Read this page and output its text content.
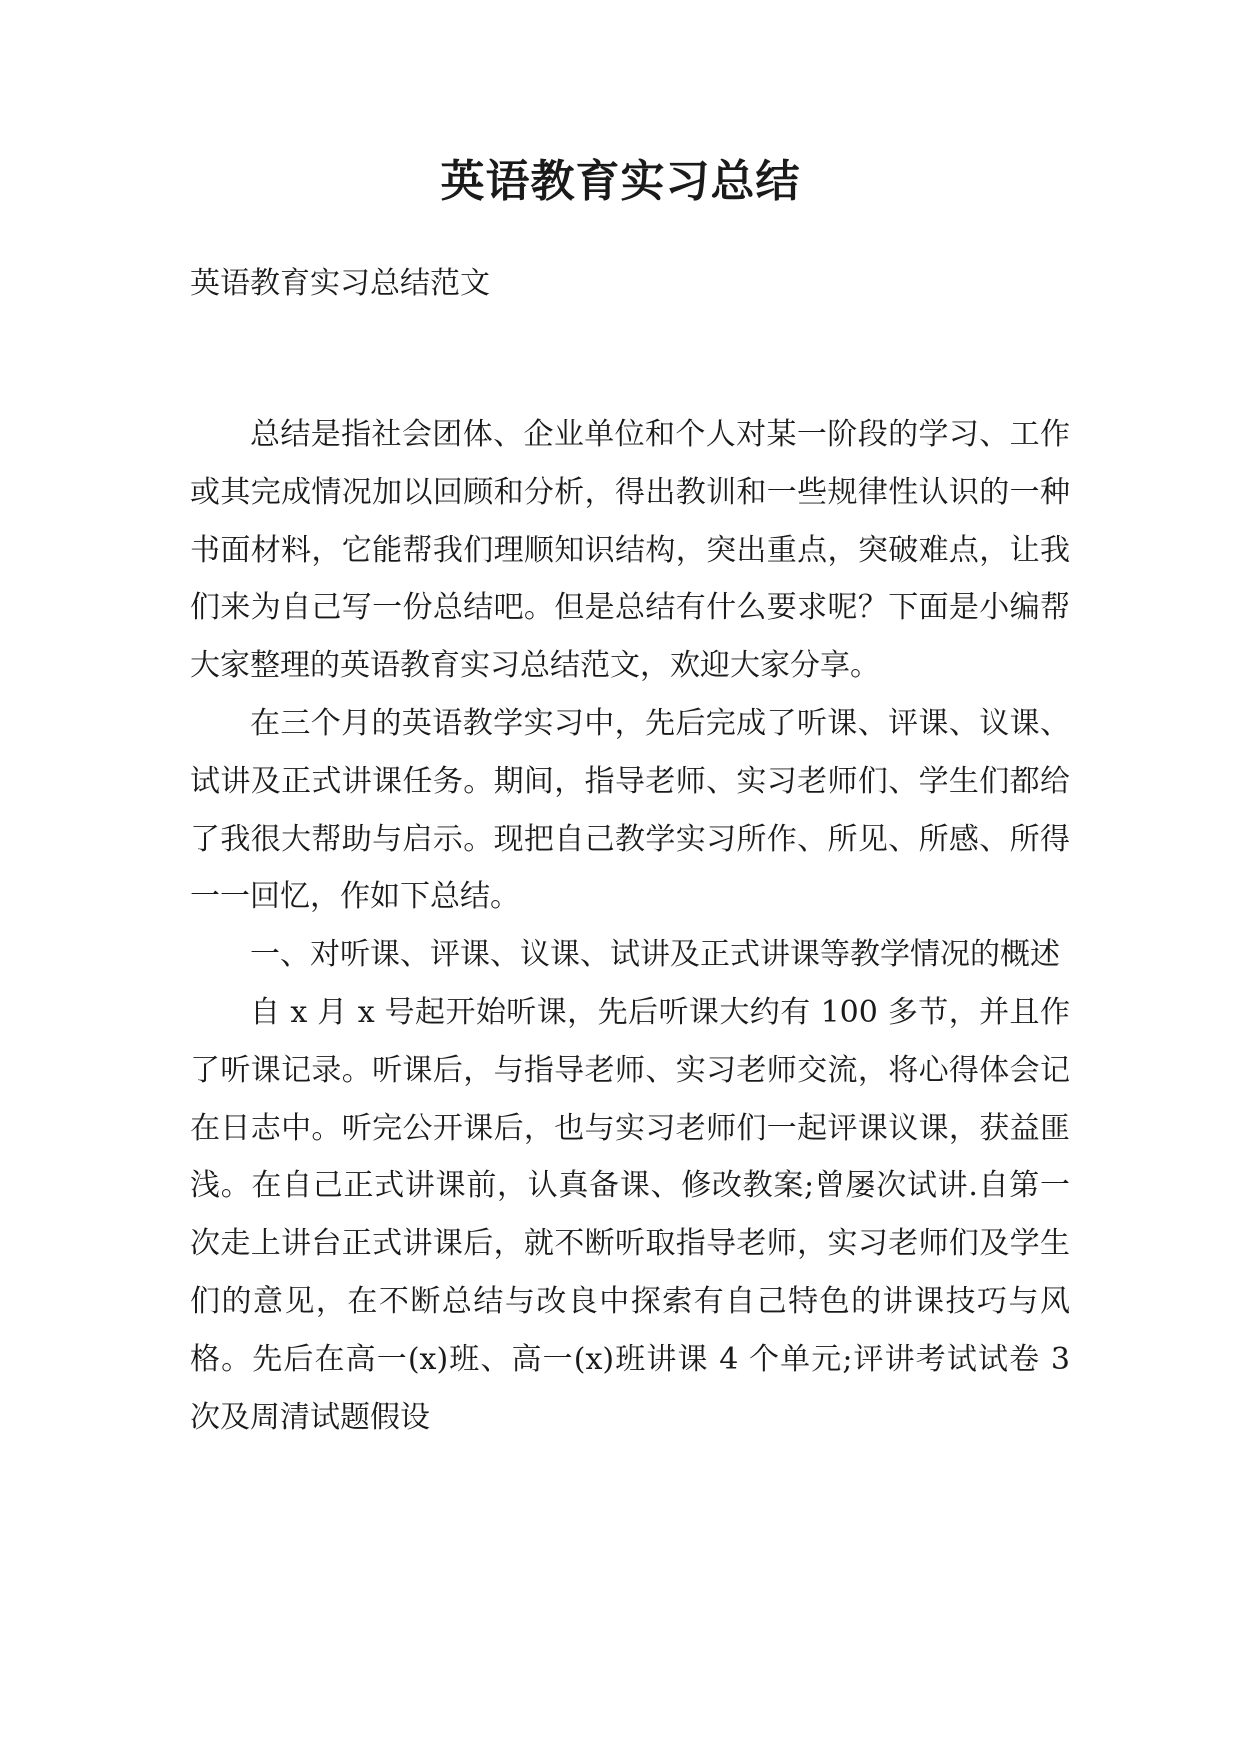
英语教育实习总结
英语教育实习总结范文

总结是指社会团体、企业单位和个人对某一阶段的学习、工作或其完成情况加以回顾和分析，得出教训和一些规律性认识的一种书面材料，它能帮我们理顺知识结构，突出重点，突破难点，让我们来为自己写一份总结吧。但是总结有什么要求呢？下面是小编帮大家整理的英语教育实习总结范文，欢迎大家分享。

在三个月的英语教学实习中，先后完成了听课、评课、议课、试讲及正式讲课任务。期间，指导老师、实习老师们、学生们都给了我很大帮助与启示。现把自己教学实习所作、所见、所感、所得一一回忆，作如下总结。

一、对听课、评课、议课、试讲及正式讲课等教学情况的概述

自 x 月 x 号起开始听课，先后听课大约有 100 多节，并且作了听课记录。听课后，与指导老师、实习老师交流，将心得体会记在日志中。听完公开课后，也与实习老师们一起评课议课，获益匪浅。在自己正式讲课前，认真备课、修改教案;曾屡次试讲.自第一次走上讲台正式讲课后，就不断听取指导老师，实习老师们及学生们的意见，在不断总结与改良中探索有自己特色的讲课技巧与风格。先后在高一(x)班、高一(x)班讲课 4 个单元;评讲考试试卷 3 次及周清试题假设
